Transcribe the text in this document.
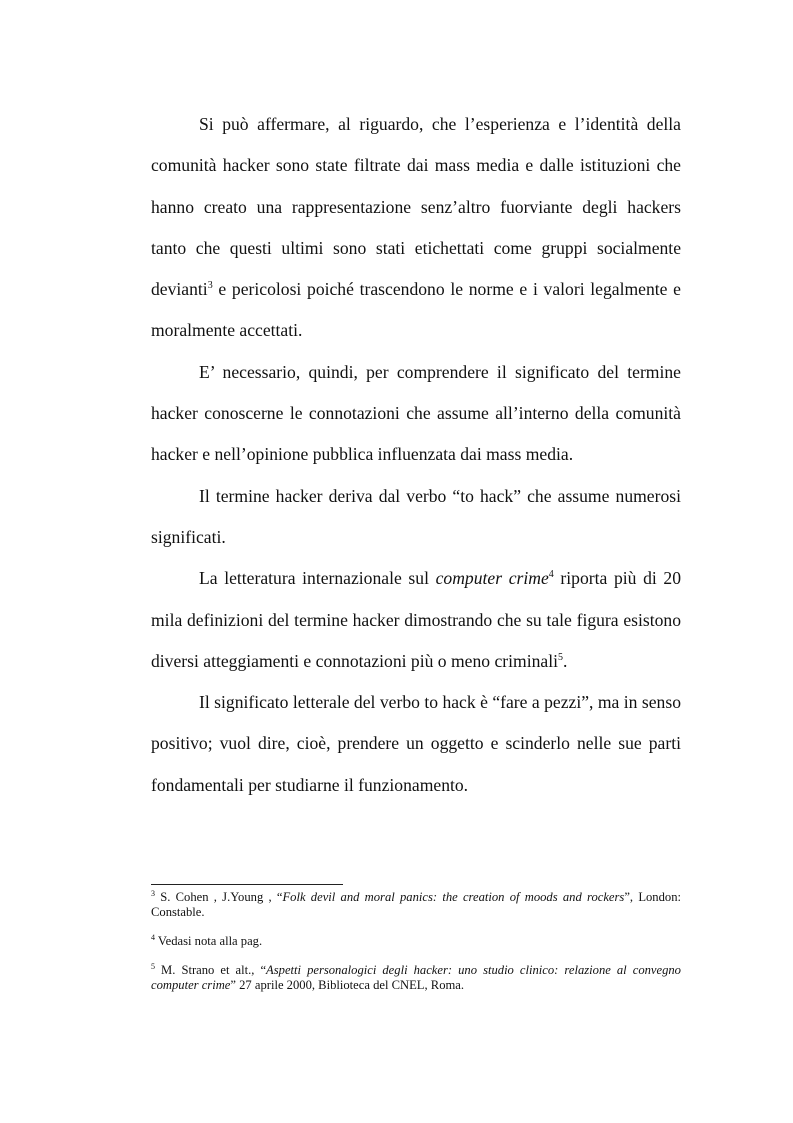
Si può affermare, al riguardo, che l’esperienza e l’identità della comunità hacker sono state filtrate dai mass media e dalle istituzioni che hanno creato una rappresentazione senz’altro fuorviante degli hackers tanto che questi ultimi sono stati etichettati come gruppi socialmente devianti$^3$ e pericolosi poiché trascendono le norme e i valori legalmente e moralmente accettati.

E’ necessario, quindi, per comprendere il significato del termine hacker conoscerne le connotazioni che assume all’interno della comunità hacker e nell’opinione pubblica influenzata dai mass media.

Il termine hacker deriva dal verbo “to hack” che assume numerosi significati.

La letteratura internazionale sul computer crime$^4$ riporta più di 20 mila definizioni del termine hacker dimostrando che su tale figura esistono diversi atteggiamenti e connotazioni più o meno criminali$^5$.

Il significato letterale del verbo to hack è “fare a pezzi”, ma in senso positivo; vuol dire, cioè, prendere un oggetto e scinderlo nelle sue parti fondamentali per studiarne il funzionamento.

$^3$ S. Cohen , J.Young , “Folk devil and moral panics: the creation of moods and rockers”, London: Constable.

$^4$ Vedasi nota alla pag.

$^5$ M. Strano et alt., “Aspetti personalogici degli hacker: uno studio clinico: relazione al convegno computer crime” 27 aprile 2000, Biblioteca del CNEL, Roma.
